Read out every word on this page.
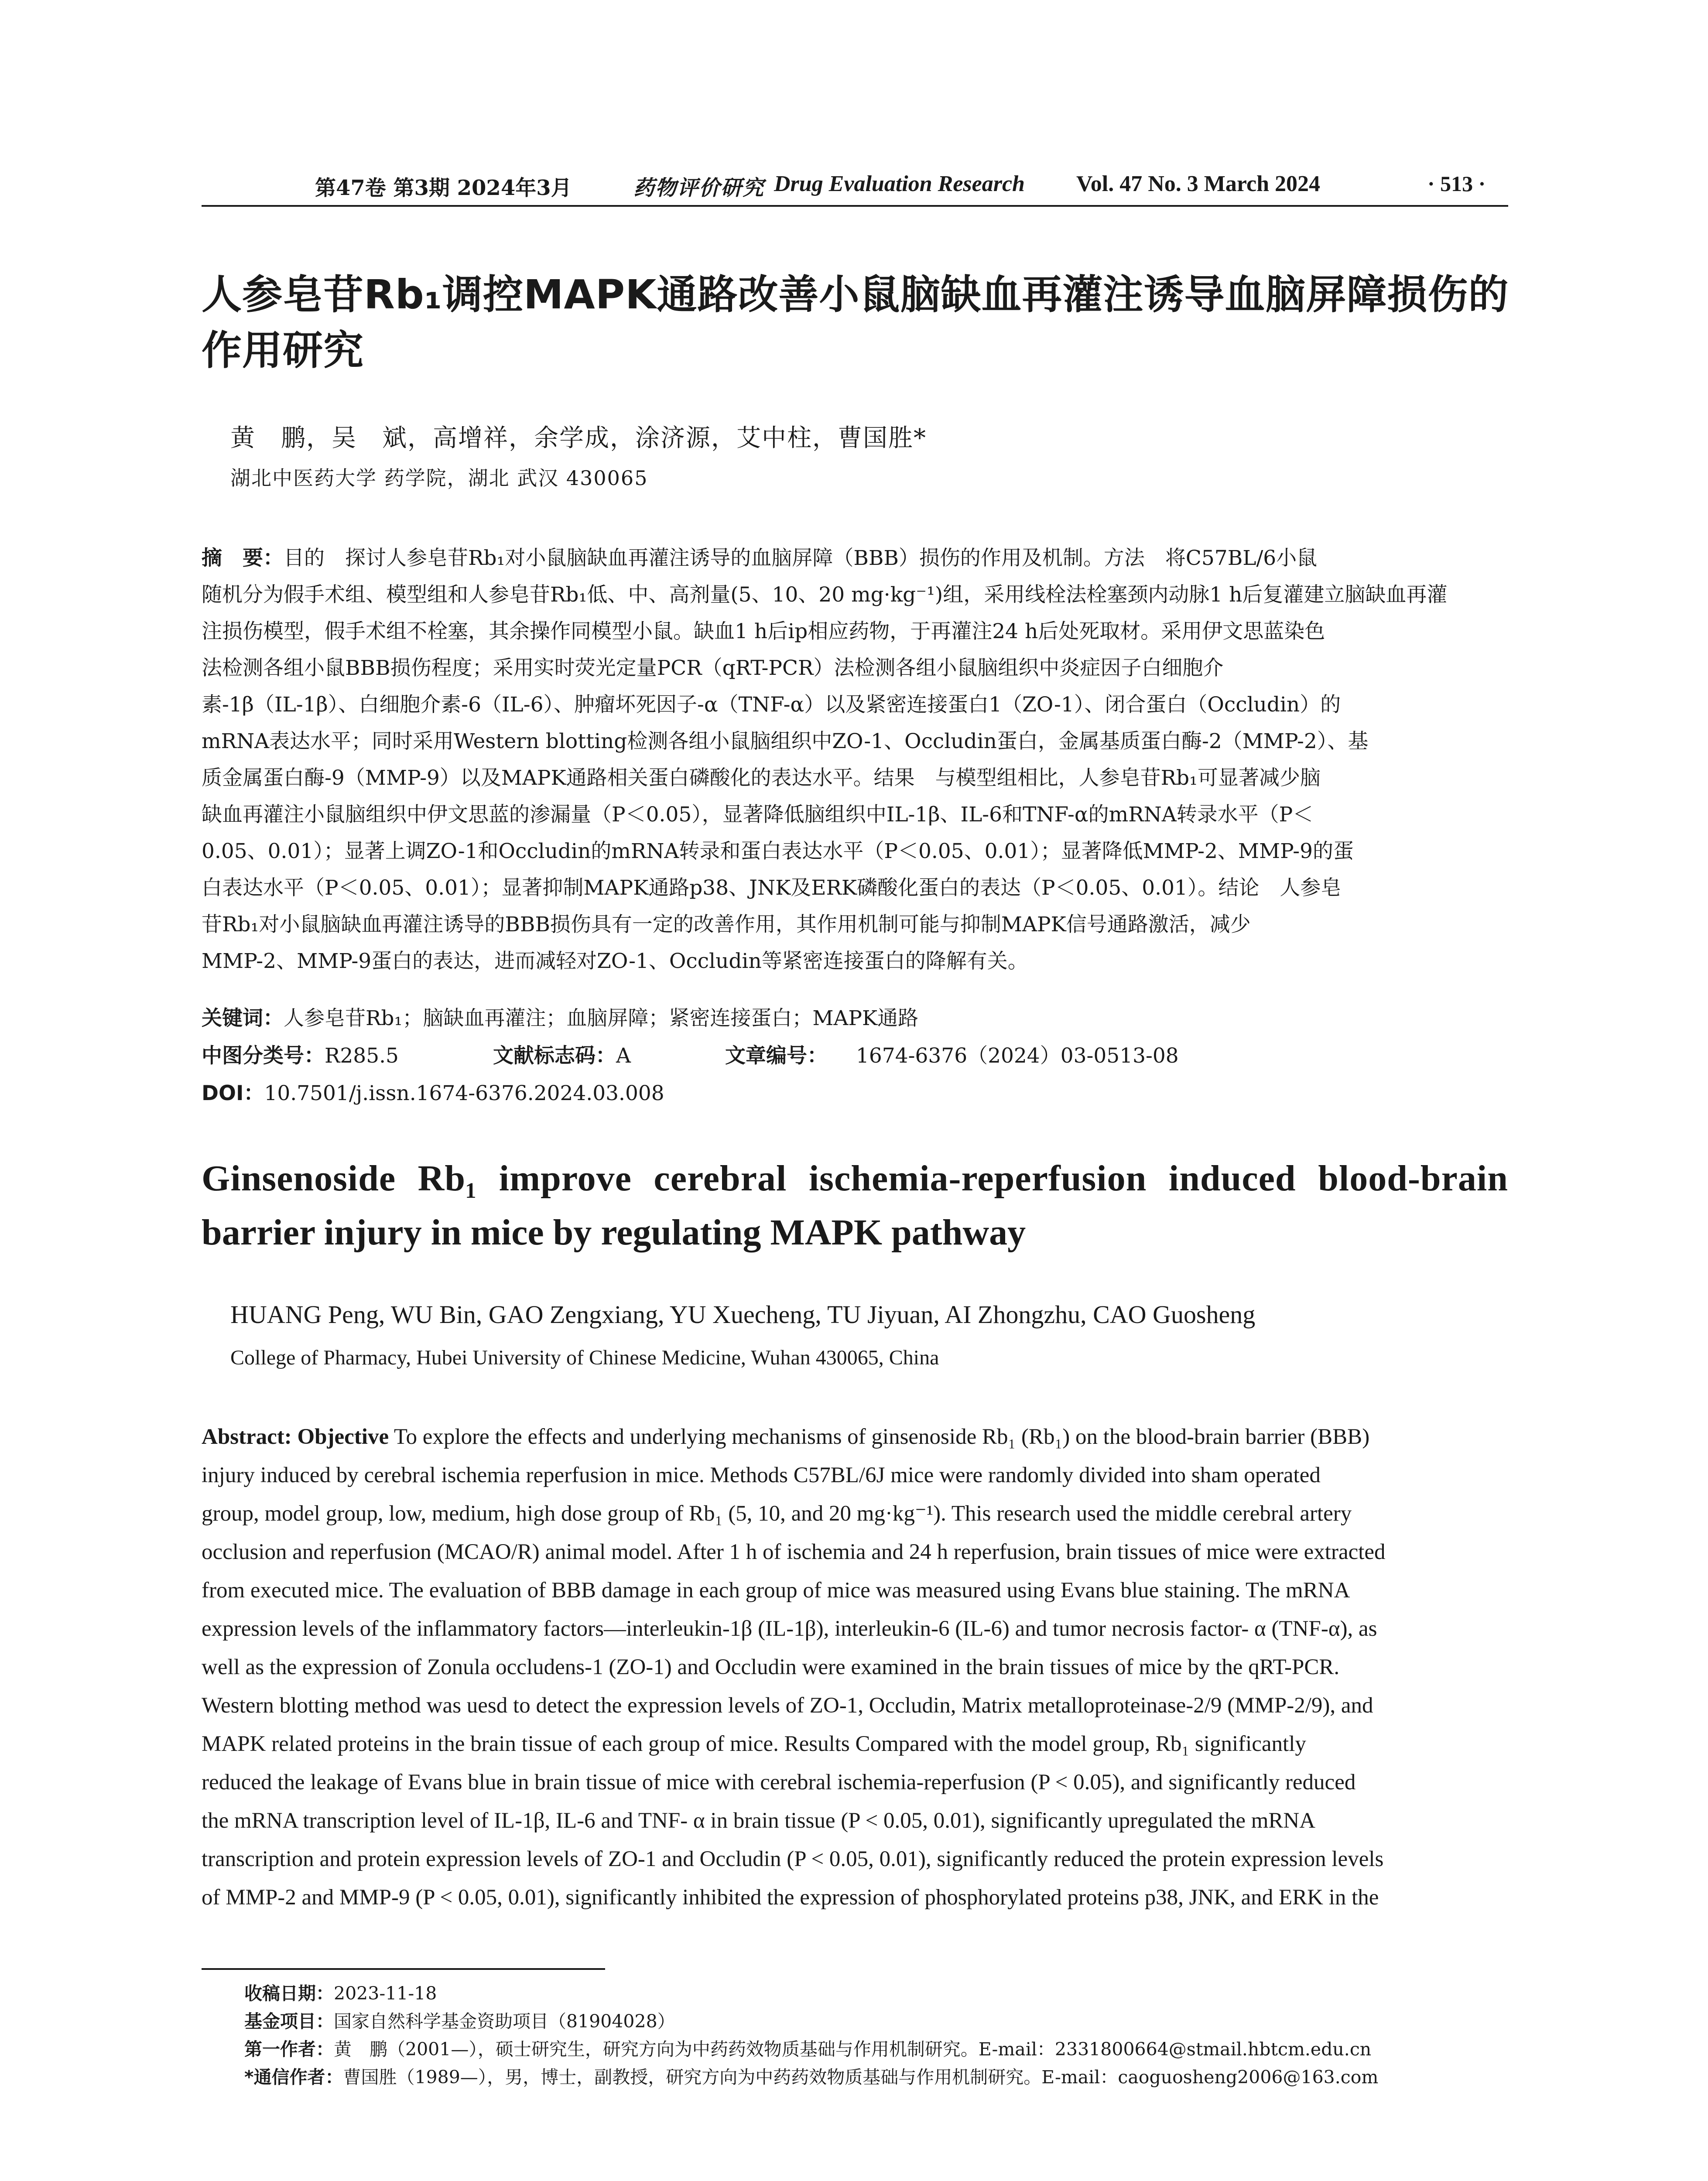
第47卷 第3期 2024年3月	药物评价研究 Drug Evaluation Research Vol. 47 No. 3 March 2024	· 513 ·
人参皂苷Rb₁调控MAPK通路改善小鼠脑缺血再灌注诱导血脑屏障损伤的
作用研究
黄　鹏，吴　斌，高增祥，余学成，涂济源，艾中柱，曹国胜*
湖北中医药大学 药学院，湖北 武汉 430065
摘　要：目的　探讨人参皂苷Rb₁对小鼠脑缺血再灌注诱导的血脑屏障（BBB）损伤的作用及机制。方法　将C57BL/6小鼠
随机分为假手术组、模型组和人参皂苷Rb₁低、中、高剂量(5、10、20 mg·kg⁻¹)组，采用线栓法栓塞颈内动脉1 h后复灌建立脑缺血再灌
注损伤模型，假手术组不栓塞，其余操作同模型小鼠。缺血1 h后ip相应药物，于再灌注24 h后处死取材。采用伊文思蓝染色
法检测各组小鼠BBB损伤程度；采用实时荧光定量PCR（qRT-PCR）法检测各组小鼠脑组织中炎症因子白细胞介
素-1β（IL-1β）、白细胞介素-6（IL-6）、肿瘤坏死因子-α（TNF-α）以及紧密连接蛋白1（ZO-1）、闭合蛋白（Occludin）的
mRNA表达水平；同时采用Western blotting检测各组小鼠脑组织中ZO-1、Occludin蛋白，金属基质蛋白酶-2（MMP-2）、基
质金属蛋白酶-9（MMP-9）以及MAPK通路相关蛋白磷酸化的表达水平。结果　与模型组相比，人参皂苷Rb₁可显著减少脑
缺血再灌注小鼠脑组织中伊文思蓝的渗漏量（P＜0.05），显著降低脑组织中IL-1β、IL-6和TNF-α的mRNA转录水平（P＜
0.05、0.01）；显著上调ZO-1和Occludin的mRNA转录和蛋白表达水平（P＜0.05、0.01）；显著降低MMP-2、MMP-9的蛋
白表达水平（P＜0.05、0.01）；显著抑制MAPK通路p38、JNK及ERK磷酸化蛋白的表达（P＜0.05、0.01）。结论　人参皂
苷Rb₁对小鼠脑缺血再灌注诱导的BBB损伤具有一定的改善作用，其作用机制可能与抑制MAPK信号通路激活，减少
MMP-2、MMP-9蛋白的表达，进而减轻对ZO-1、Occludin等紧密连接蛋白的降解有关。
关键词：人参皂苷Rb₁；脑缺血再灌注；血脑屏障；紧密连接蛋白；MAPK通路
中图分类号：R285.5	文献标志码： A	文章编号： 1674-6376（2024）03-0513-08
DOI：10.7501/j.issn.1674-6376.2024.03.008
Ginsenoside Rb₁ improve cerebral ischemia-reperfusion induced blood-brain
barrier injury in mice by regulating MAPK pathway
HUANG Peng, WU Bin, GAO Zengxiang, YU Xuecheng, TU Jiyuan, AI Zhongzhu, CAO Guosheng
College of Pharmacy, Hubei University of Chinese Medicine, Wuhan 430065, China
Abstract: Objective To explore the effects and underlying mechanisms of ginsenoside Rb₁ (Rb₁) on the blood-brain barrier (BBB)
injury induced by cerebral ischemia reperfusion in mice. Methods C57BL/6J mice were randomly divided into sham operated
group, model group, low, medium, high dose group of Rb₁ (5, 10, and 20 mg·kg⁻¹). This research used the middle cerebral artery
occlusion and reperfusion (MCAO/R) animal model. After 1 h of ischemia and 24 h reperfusion, brain tissues of mice were extracted
from executed mice. The evaluation of BBB damage in each group of mice was measured using Evans blue staining. The mRNA
expression levels of the inflammatory factors—interleukin-1β (IL-1β), interleukin-6 (IL-6) and tumor necrosis factor- α (TNF-α), as
well as the expression of Zonula occludens-1 (ZO-1) and Occludin were examined in the brain tissues of mice by the qRT-PCR.
Western blotting method was uesd to detect the expression levels of ZO-1, Occludin, Matrix metalloproteinase-2/9 (MMP-2/9), and
MAPK related proteins in the brain tissue of each group of mice. Results Compared with the model group, Rb₁ significantly
reduced the leakage of Evans blue in brain tissue of mice with cerebral ischemia-reperfusion (P < 0.05), and significantly reduced
the mRNA transcription level of IL-1β, IL-6 and TNF- α in brain tissue (P < 0.05, 0.01), significantly upregulated the mRNA
transcription and protein expression levels of ZO-1 and Occludin (P < 0.05, 0.01), significantly reduced the protein expression levels
of MMP-2 and MMP-9 (P < 0.05, 0.01), significantly inhibited the expression of phosphorylated proteins p38, JNK, and ERK in the
收稿日期：2023-11-18
基金项目：国家自然科学基金资助项目（81904028）
第一作者：黄　鹏（2001—），硕士研究生，研究方向为中药药效物质基础与作用机制研究。E-mail：2331800664@stmail.hbtcm.edu.cn
*通信作者：曹国胜（1989—），男，博士，副教授，研究方向为中药药效物质基础与作用机制研究。E-mail：caoguosheng2006@163.com
